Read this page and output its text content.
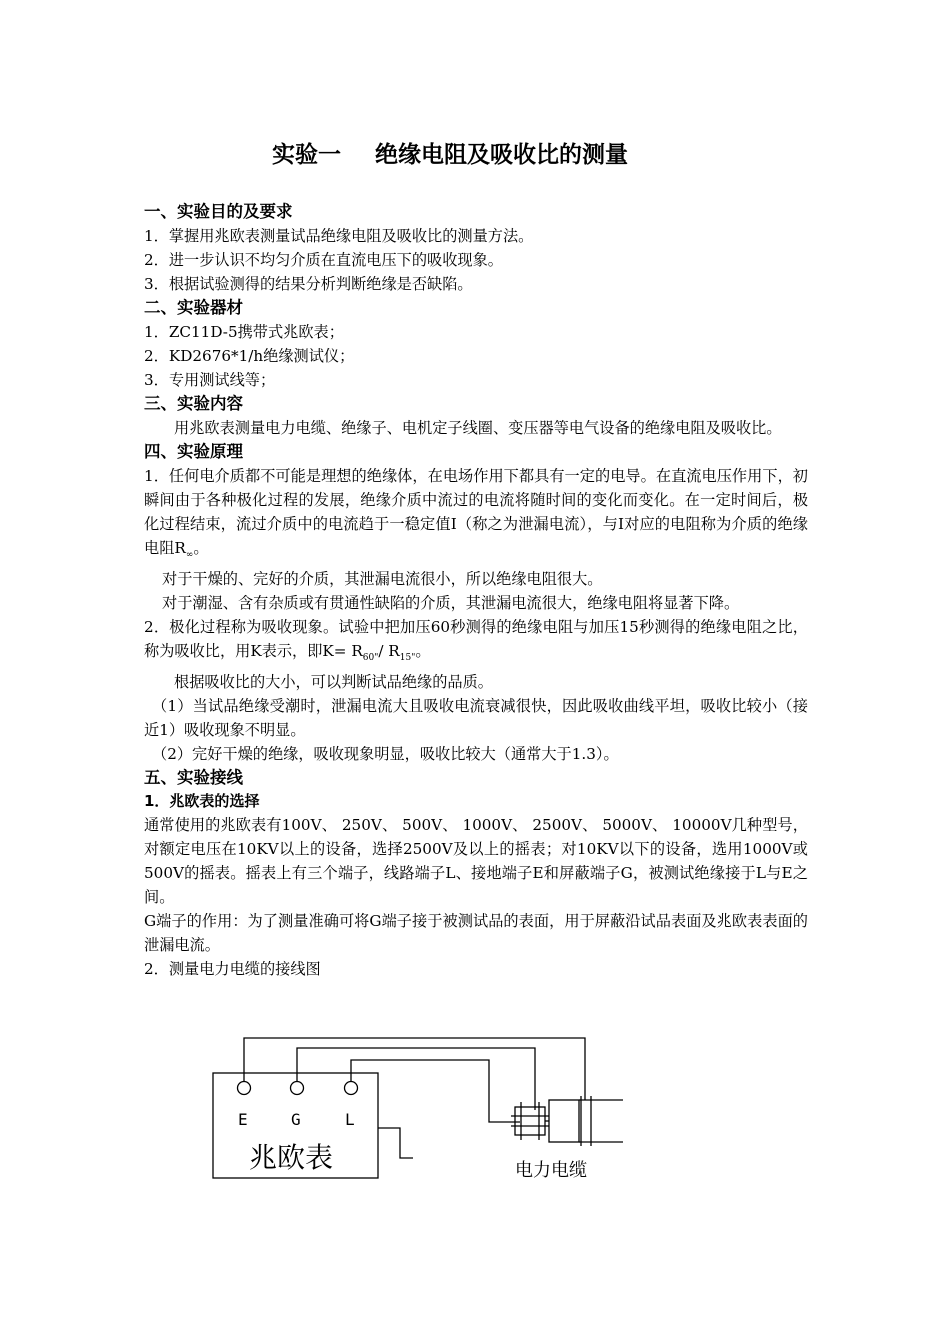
实验一 绝缘电阻及吸收比的测量

一、实验目的及要求

1．掌握用兆欧表测量试品绝缘电阻及吸收比的测量方法。

2．进一步认识不均匀介质在直流电压下的吸收现象。

3．根据试验测得的结果分析判断绝缘是否缺陷。

二、实验器材

1．ZC11D-5携带式兆欧表；

2．KD2676*1/h绝缘测试仪；

3．专用测试线等；

三、实验内容

用兆欧表测量电力电缆、绝缘子、电机定子线圈、变压器等电气设备的绝缘电阻及吸收比。

四、实验原理

1．任何电介质都不可能是理想的绝缘体，在电场作用下都具有一定的电导。在直流电压作用下，初瞬间由于各种极化过程的发展，绝缘介质中流过的电流将随时间的变化而变化。在一定时间后，极化过程结束，流过介质中的电流趋于一稳定值I（称之为泄漏电流），与I对应的电阻称为介质的绝缘电阻$R_\infty$。

对于干燥的、完好的介质，其泄漏电流很小，所以绝缘电阻很大。

对于潮湿、含有杂质或有贯通性缺陷的介质，其泄漏电流很大，绝缘电阻将显著下降。

2．极化过程称为吸收现象。试验中把加压60秒测得的绝缘电阻与加压15秒测得的绝缘电阻之比，称为吸收比，用K表示，即$K= R_{60"}/$ $R_{15"}$。

根据吸收比的大小，可以判断试品绝缘的品质。

（1）当试品绝缘受潮时，泄漏电流大且吸收电流衰减很快，因此吸收曲线平坦，吸收比较小（接近1）吸收现象不明显。

（2）完好干燥的绝缘，吸收现象明显，吸收比较大（通常大于1.3）。

五、实验接线

1．兆欧表的选择

通常使用的兆欧表有100V、 250V、 500V、 1000V、 2500V、 5000V、 10000V几种型号，对额定电压在10KV以上的设备，选择2500V及以上的摇表；对10KV以下的设备，选用1000V或500V的摇表。摇表上有三个端子，线路端子L、接地端子E和屏蔽端子G，被测试绝缘接于L与E之间。

G端子的作用：为了测量准确可将G端子接于被测试品的表面，用于屏蔽沿试品表面及兆欧表表面的泄漏电流。

2．测量电力电缆的接线图

E	G	L
兆欧表	电力电缆
